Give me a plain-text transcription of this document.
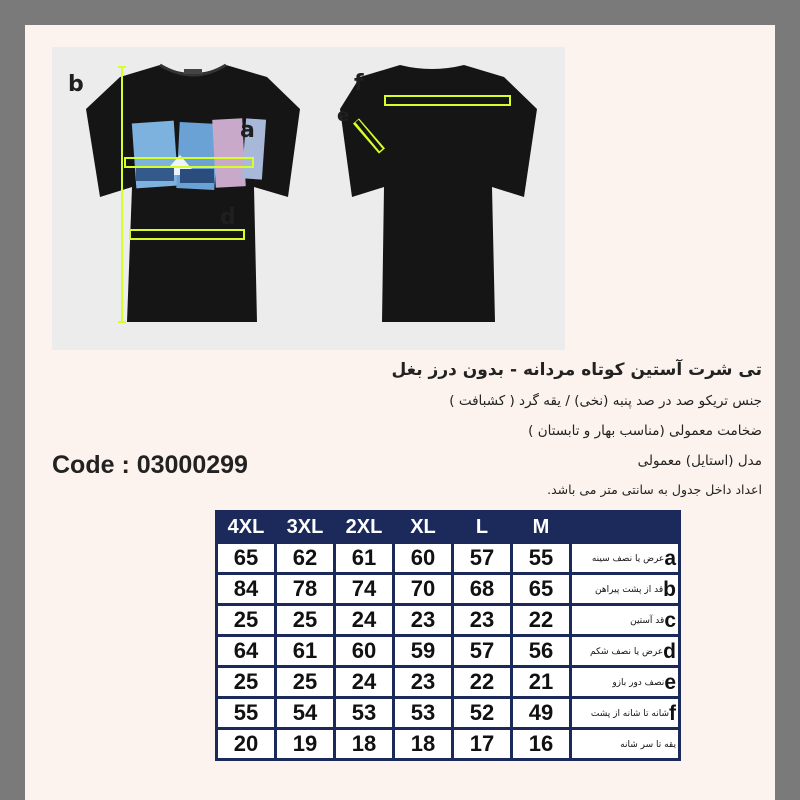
b
a
d
f
e
تی شرت آستین کوتاه مردانه - بدون درز بغل
جنس تریکو صد در صد پنبه (نخی) / یقه گرد ( کشبافت )
ضخامت معمولی (مناسب بهار و تابستان )
مدل (استایل) معمولی
اعداد داخل جدول به سانتی متر می باشد.
Code : 03000299
4XL	3XL	2XL	XL	L	M	
65	62	61	60	57	55	aعرض یا نصف سینه
84	78	74	70	68	65	bقد از پشت پیراهن
25	25	24	23	23	22	cقد آستین
64	61	60	59	57	56	dعرض یا نصف شکم
25	25	24	23	22	21	eنصف دور بازو
55	54	53	53	52	49	fشانه تا شانه از پشت
20	19	18	18	17	16	یقه تا سر شانه
